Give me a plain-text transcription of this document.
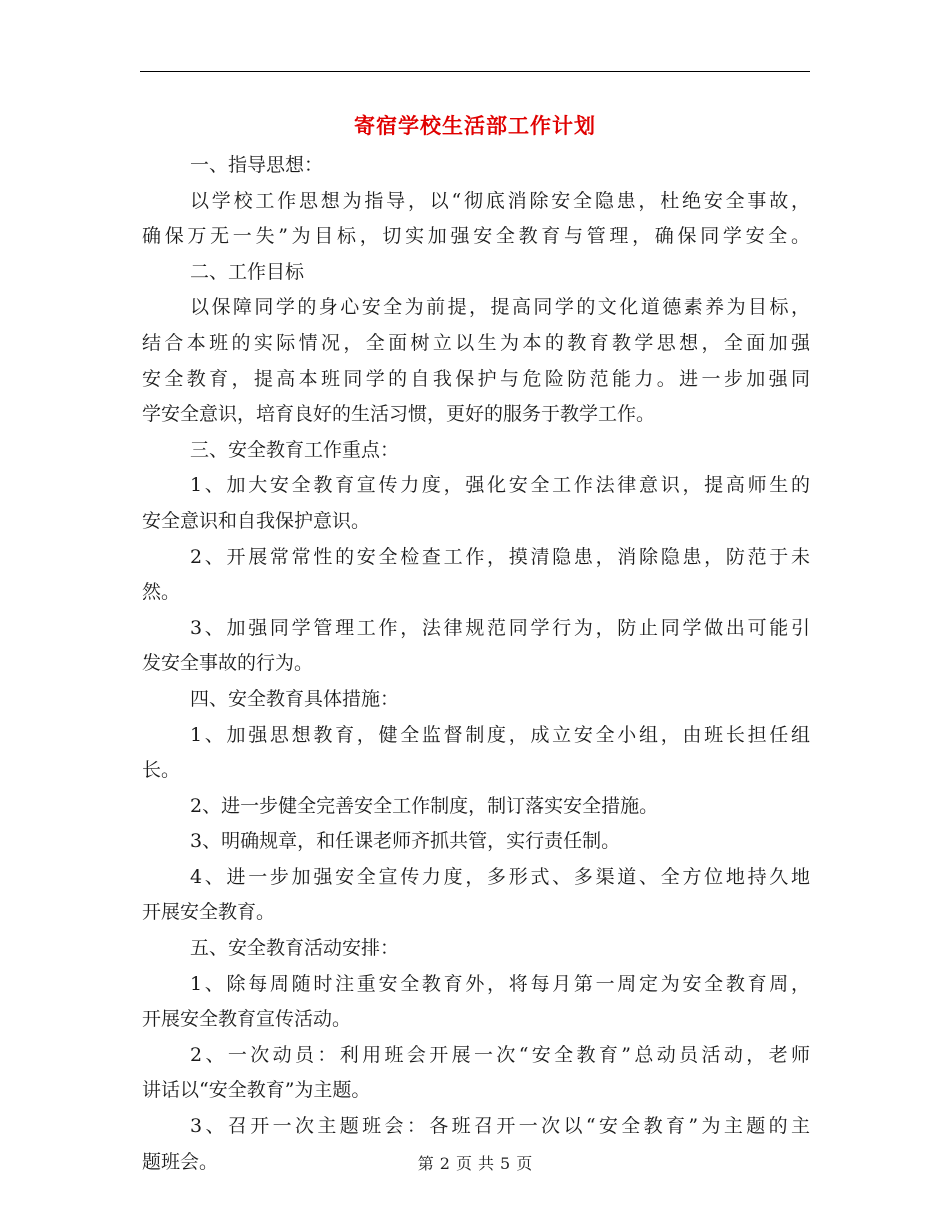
寄宿学校生活部工作计划
一、指导思想：
以学校工作思想为指导，以“彻底消除安全隐患，杜绝安全事故，
确保万无一失”为目标，切实加强安全教育与管理，确保同学安全。
二、工作目标
以保障同学的身心安全为前提，提高同学的文化道德素养为目标，
结合本班的实际情况，全面树立以生为本的教育教学思想，全面加强
安全教育，提高本班同学的自我保护与危险防范能力。进一步加强同
学安全意识，培育良好的生活习惯，更好的服务于教学工作。
三、安全教育工作重点：
1、加大安全教育宣传力度，强化安全工作法律意识，提高师生的
安全意识和自我保护意识。
2、开展常常性的安全检查工作，摸清隐患，消除隐患，防范于未
然。
3、加强同学管理工作，法律规范同学行为，防止同学做出可能引
发安全事故的行为。
四、安全教育具体措施：
1、加强思想教育，健全监督制度，成立安全小组，由班长担任组
长。
2、进一步健全完善安全工作制度，制订落实安全措施。
3、明确规章，和任课老师齐抓共管，实行责任制。
4、进一步加强安全宣传力度，多形式、多渠道、全方位地持久地
开展安全教育。
五、安全教育活动安排：
1、除每周随时注重安全教育外，将每月第一周定为安全教育周，
开展安全教育宣传活动。
2、一次动员：利用班会开展一次“安全教育”总动员活动，老师
讲话以“安全教育”为主题。
3、召开一次主题班会：各班召开一次以“安全教育”为主题的主
题班会。	第 2 页 共 5 页
